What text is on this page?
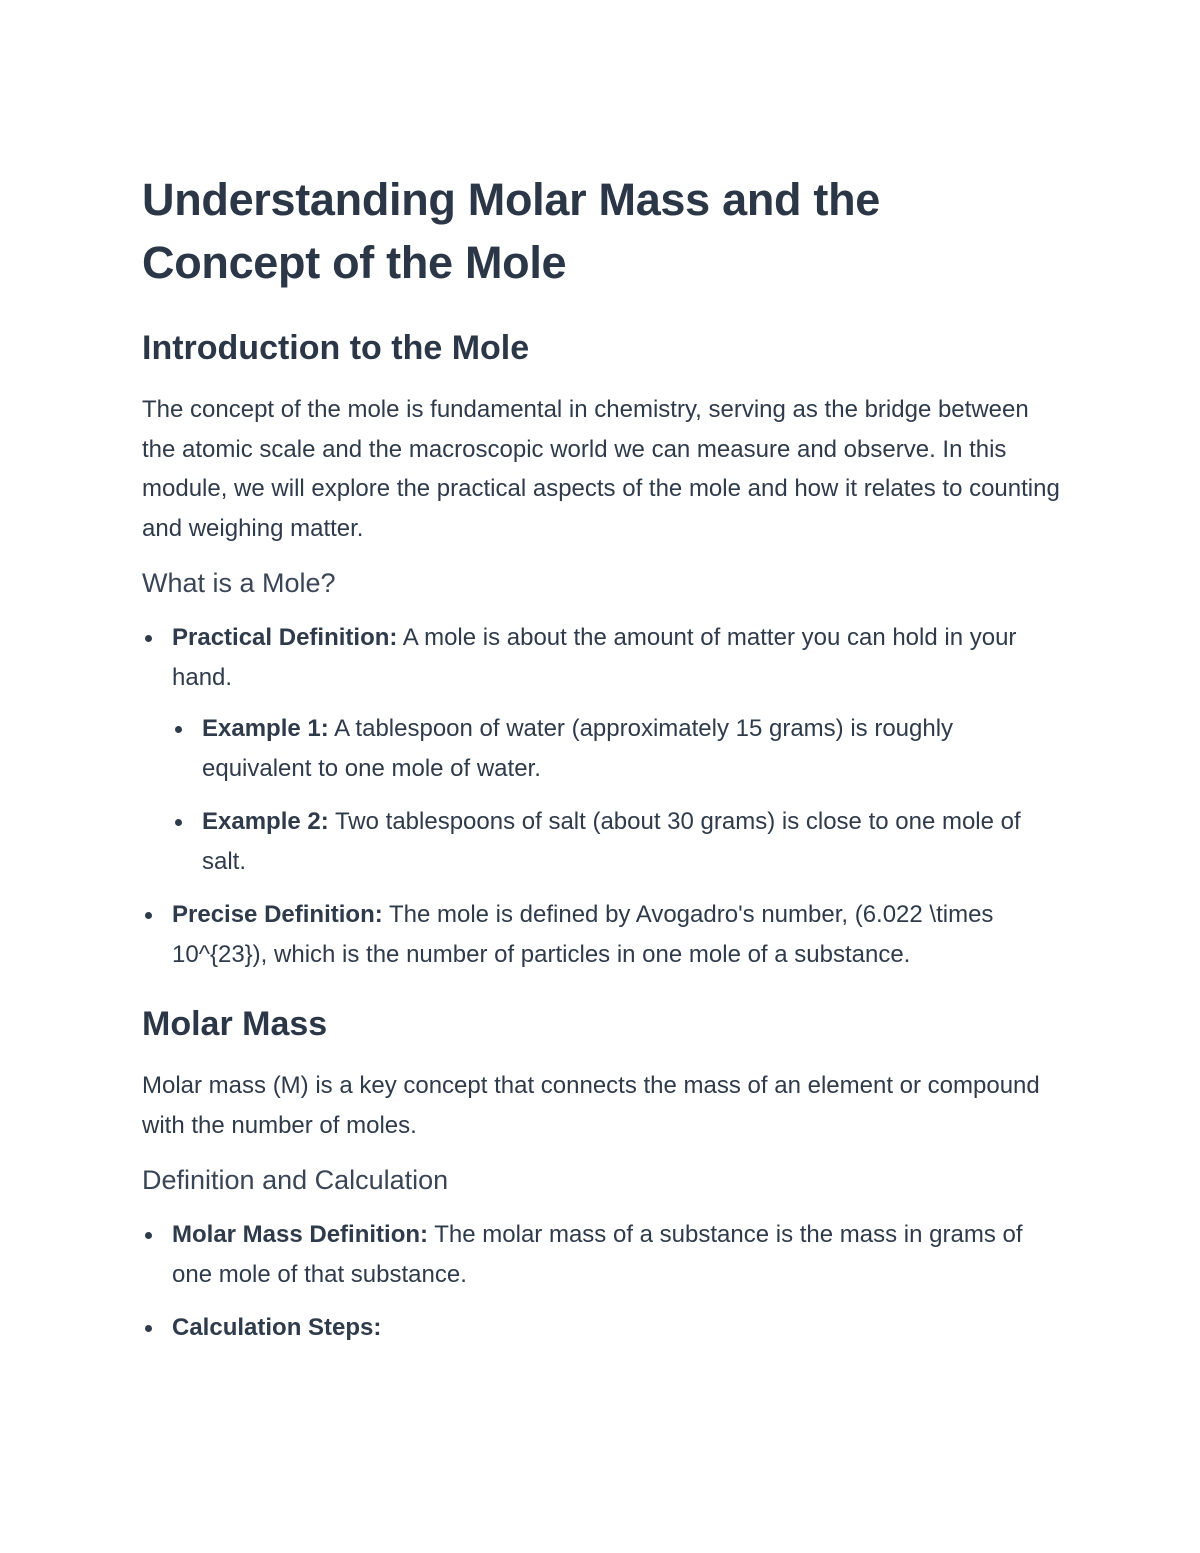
Understanding Molar Mass and the Concept of the Mole
Introduction to the Mole

The concept of the mole is fundamental in chemistry, serving as the bridge between the atomic scale and the macroscopic world we can measure and observe. In this module, we will explore the practical aspects of the mole and how it relates to counting and weighing matter.

What is a Mole?
Practical Definition: A mole is about the amount of matter you can hold in your hand.
Example 1: A tablespoon of water (approximately 15 grams) is roughly equivalent to one mole of water.
Example 2: Two tablespoons of salt (about 30 grams) is close to one mole of salt.
Precise Definition: The mole is defined by Avogadro's number, (6.022 \times 10^{23}), which is the number of particles in one mole of a substance.
Molar Mass

Molar mass (M) is a key concept that connects the mass of an element or compound with the number of moles.

Definition and Calculation
Molar Mass Definition: The molar mass of a substance is the mass in grams of one mole of that substance.
Calculation Steps:
